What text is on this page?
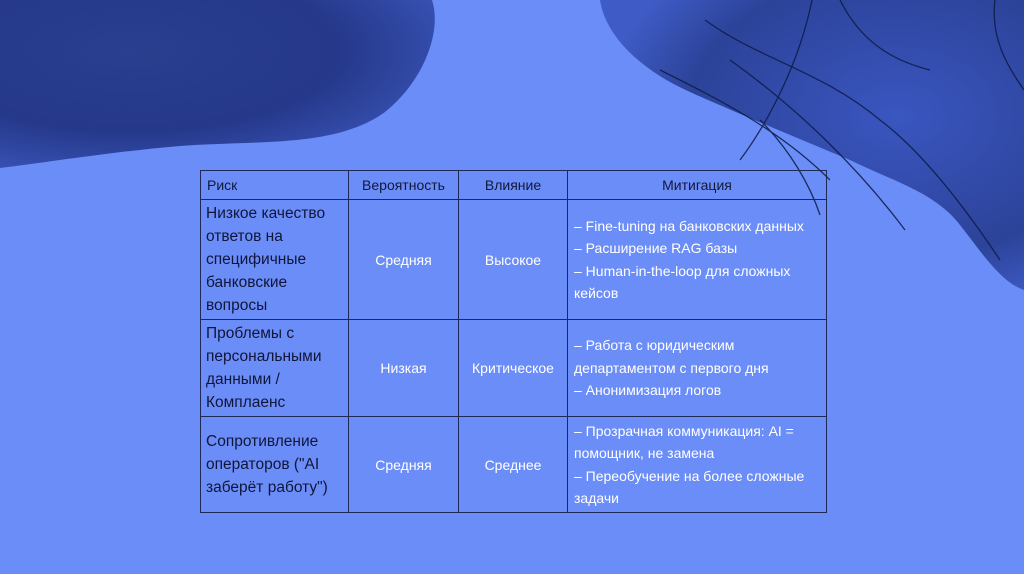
Риск	Вероятность	Влияние	Митигация
Низкое качество ответов на специфичные банковские вопросы	Средняя	Высокое	– Fine-tuning на банковских данных
– Расширение RAG базы
– Human-in-the-loop для сложных кейсов

Проблемы с персональными данными / Комплаенс	Низкая	Критическое	– Работа с юридическим департаментом с первого дня
– Анонимизация логов

Сопротивление операторов ("AI заберёт работу")	Средняя	Среднее	– Прозрачная коммуникация: AI = помощник, не замена
– Переобучение на более сложные задачи
